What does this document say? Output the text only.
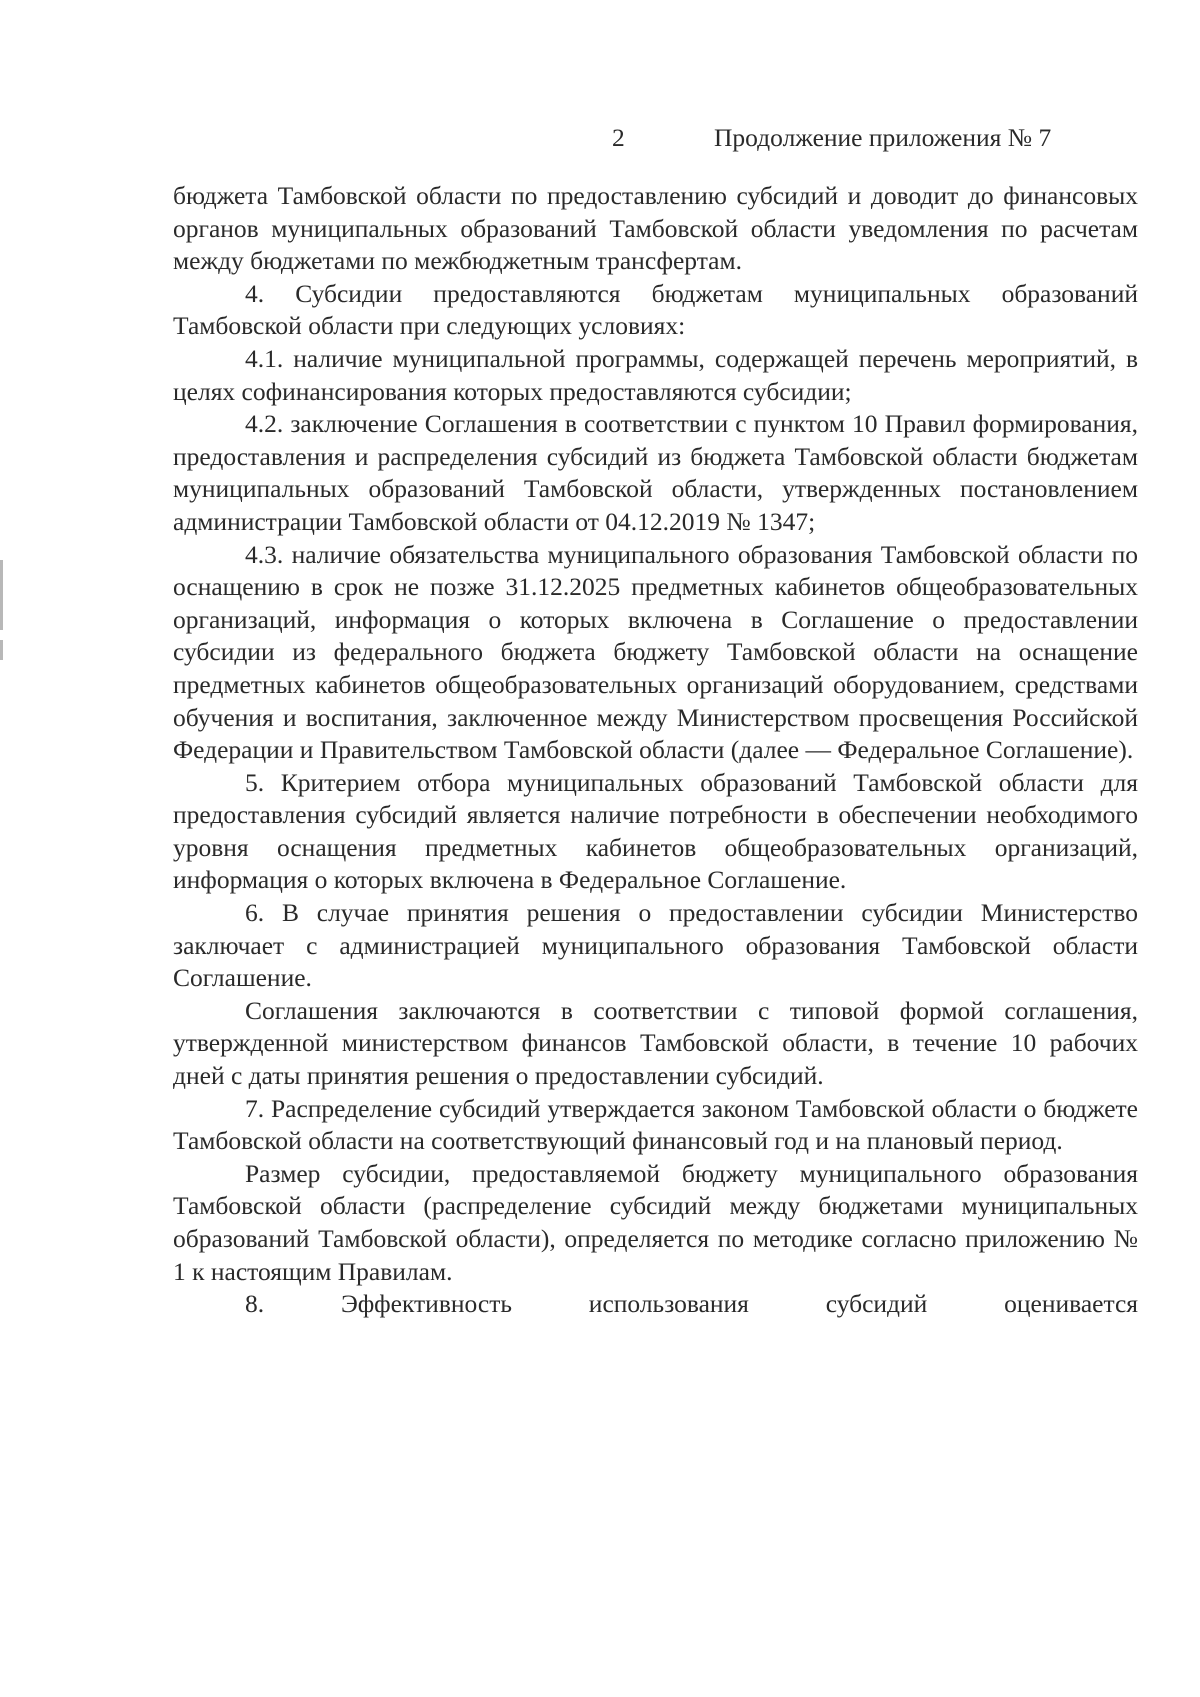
2	Продолжение приложения № 7

бюджета Тамбовской области по предоставлению субсидий и доводит до финансовых органов муниципальных образований Тамбовской области уведомления по расчетам между бюджетами по межбюджетным трансфертам.

4. Субсидии предоставляются бюджетам муниципальных образований Тамбовской области при следующих условиях:

4.1. наличие муниципальной программы, содержащей перечень мероприятий, в целях софинансирования которых предоставляются субсидии;

4.2. заключение Соглашения в соответствии с пунктом 10 Правил формирования, предоставления и распределения субсидий из бюджета Тамбовской области бюджетам муниципальных образований Тамбовской области, утвержденных постановлением администрации Тамбовской области от 04.12.2019 № 1347;

4.3. наличие обязательства муниципального образования Тамбовской области по оснащению в срок не позже 31.12.2025 предметных кабинетов общеобразовательных организаций, информация о которых включена в Соглашение о предоставлении субсидии из федерального бюджета бюджету Тамбовской области на оснащение предметных кабинетов общеобразовательных организаций оборудованием, средствами обучения и воспитания, заключенное между Министерством просвещения Российской Федерации и Правительством Тамбовской области (далее — Федеральное Соглашение).

5. Критерием отбора муниципальных образований Тамбовской области для предоставления субсидий является наличие потребности в обеспечении необходимого уровня оснащения предметных кабинетов общеобразовательных организаций, информация о которых включена в Федеральное Соглашение.

6. В случае принятия решения о предоставлении субсидии Министерство заключает с администрацией муниципального образования Тамбовской области Соглашение.

Соглашения заключаются в соответствии с типовой формой соглашения, утвержденной министерством финансов Тамбовской области, в течение 10 рабочих дней с даты принятия решения о предоставлении субсидий.

7. Распределение субсидий утверждается законом Тамбовской области о бюджете Тамбовской области на соответствующий финансовый год и на плановый период.

Размер субсидии, предоставляемой бюджету муниципального образования Тамбовской области (распределение субсидий между бюджетами муниципальных образований Тамбовской области), определяется по методике согласно приложению № 1 к настоящим Правилам.

8. Эффективность использования субсидий оценивается
